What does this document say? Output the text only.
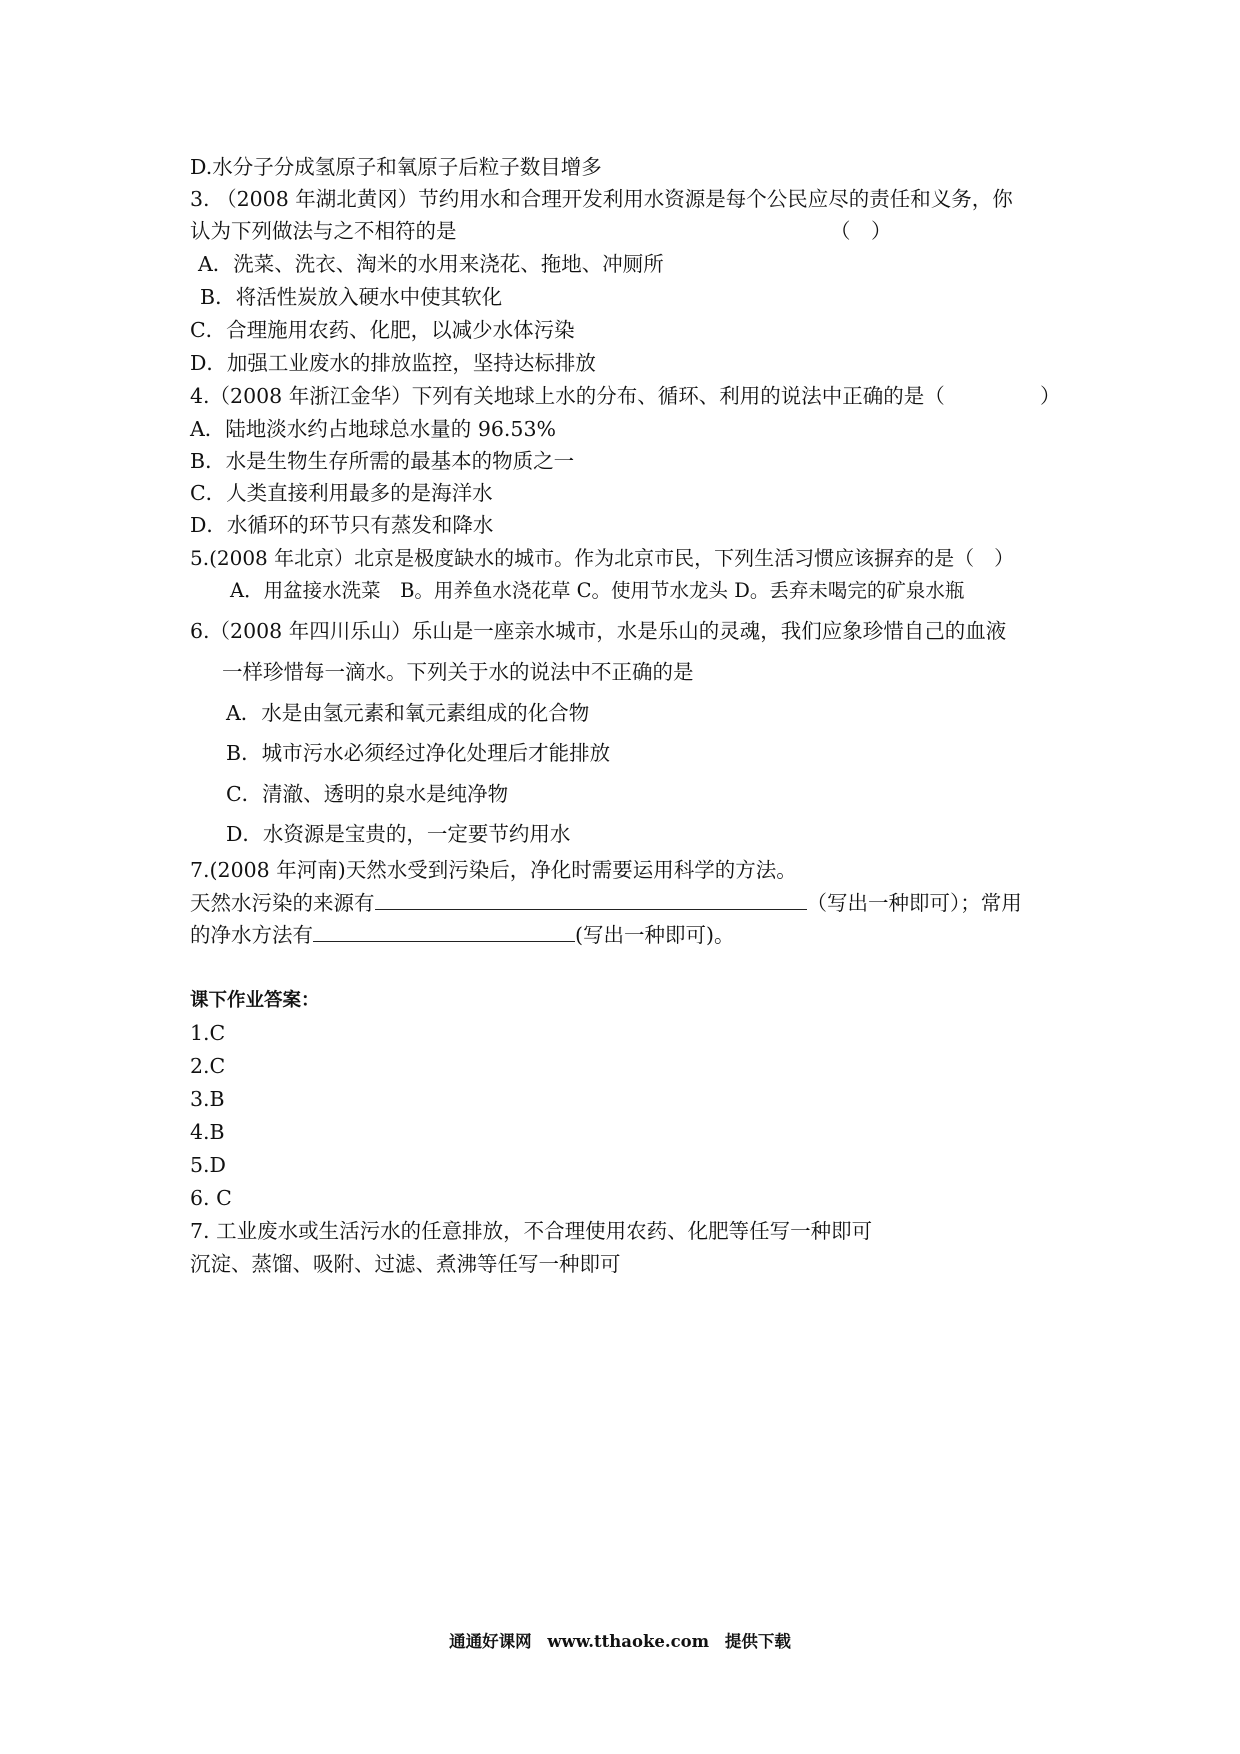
D.水分子分成氢原子和氧原子后粒子数目增多
3. （2008 年湖北黄冈）节约用水和合理开发利用水资源是每个公民应尽的责任和义务，你
认为下列做法与之不相符的是	（　）
A．洗菜、洗衣、淘米的水用来浇花、拖地、冲厕所
B．将活性炭放入硬水中使其软化
C．合理施用农药、化肥，以减少水体污染
D．加强工业废水的排放监控，坚持达标排放
4.（2008 年浙江金华）下列有关地球上水的分布、循环、利用的说法中正确的是（	）
A．陆地淡水约占地球总水量的 96.53%
B．水是生物生存所需的最基本的物质之一
C．人类直接利用最多的是海洋水
D．水循环的环节只有蒸发和降水
5.(2008 年北京）北京是极度缺水的城市。作为北京市民，下列生活习惯应该摒弃的是（　）
A．用盆接水洗菜　B。用养鱼水浇花草 C。使用节水龙头 D。丢弃未喝完的矿泉水瓶
6.（2008 年四川乐山）乐山是一座亲水城市，水是乐山的灵魂，我们应象珍惜自己的血液
一样珍惜每一滴水。下列关于水的说法中不正确的是
A．水是由氢元素和氧元素组成的化合物
B．城市污水必须经过净化处理后才能排放
C．清澈、透明的泉水是纯净物
D．水资源是宝贵的，一定要节约用水
7.(2008 年河南)天然水受到污染后，净化时需要运用科学的方法。
天然水污染的来源有	（写出一种即可）；常用
的净水方法有	(写出一种即可)。
课下作业答案：
1.C
2.C
3.B
4.B
5.D
6. C
7. 工业废水或生活污水的任意排放，不合理使用农药、化肥等任写一种即可
沉淀、蒸馏、吸附、过滤、煮沸等任写一种即可
通通好课网 www.tthaoke.com 提供下载
